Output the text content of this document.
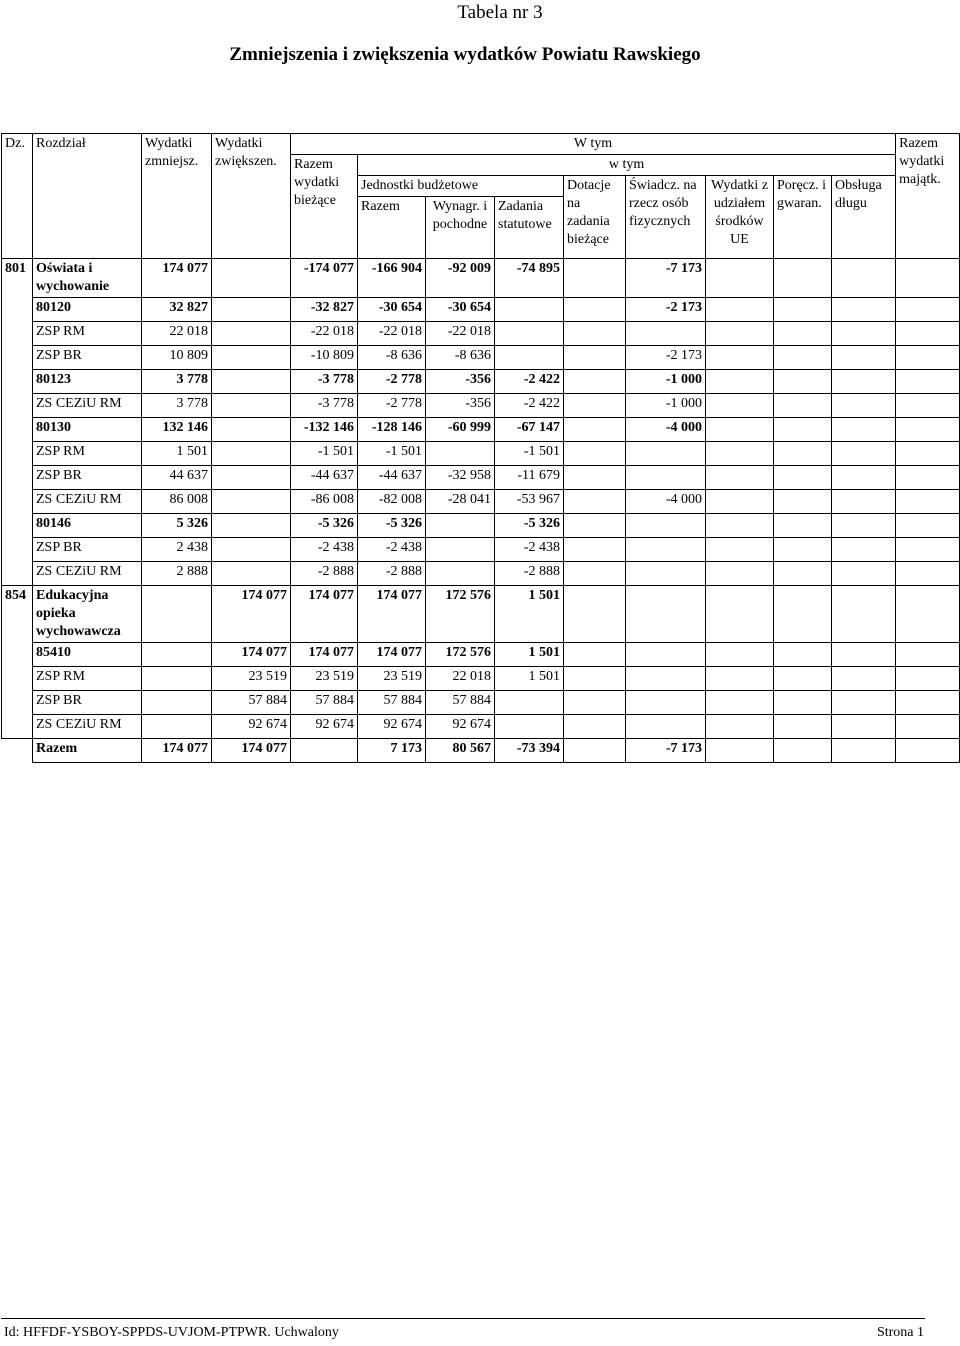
Tabela nr 3
Zmniejszenia i zwiększenia wydatków Powiatu Rawskiego
Dz.	Rozdział	Wydatki zmniejsz.	Wydatki zwiększen.	W tym									Razem wydatki majątk.
				Razem wydatki bieżące	w tym								
					Jednostki budżetowe			Dotacje na zadania bieżące	Świadcz. na rzecz osób fizycznych	Wydatki z udziałem środków UE	Poręcz. i gwaran.	Obsługa długu	
					Razem	Wynagr. i pochodne	Zadania statutowe						
801	Oświata i wychowanie	174 077		-174 077	-166 904	-92 009	-74 895		-7 173				
	80120	32 827		-32 827	-30 654	-30 654			-2 173				
	ZSP RM	22 018		-22 018	-22 018	-22 018							
	ZSP BR	10 809		-10 809	-8 636	-8 636			-2 173				
	80123	3 778		-3 778	-2 778	-356	-2 422		-1 000				
	ZS CEZiU RM	3 778		-3 778	-2 778	-356	-2 422		-1 000				
	80130	132 146		-132 146	-128 146	-60 999	-67 147		-4 000				
	ZSP RM	1 501		-1 501	-1 501		-1 501						
	ZSP BR	44 637		-44 637	-44 637	-32 958	-11 679						
	ZS CEZiU RM	86 008		-86 008	-82 008	-28 041	-53 967		-4 000				
	80146	5 326		-5 326	-5 326		-5 326						
	ZSP BR	2 438		-2 438	-2 438		-2 438						
	ZS CEZiU RM	2 888		-2 888	-2 888		-2 888						
854	Edukacyjna opieka wychowawcza		174 077	174 077	174 077	172 576	1 501						
	85410		174 077	174 077	174 077	172 576	1 501						
	ZSP RM		23 519	23 519	23 519	22 018	1 501						
	ZSP BR		57 884	57 884	57 884	57 884							
	ZS CEZiU RM		92 674	92 674	92 674	92 674							
	Razem	174 077	174 077		7 173	80 567	-73 394		-7 173				
Id: HFFDF-YSBOY-SPPDS-UVJOM-PTPWR. Uchwalony	Strona 1
